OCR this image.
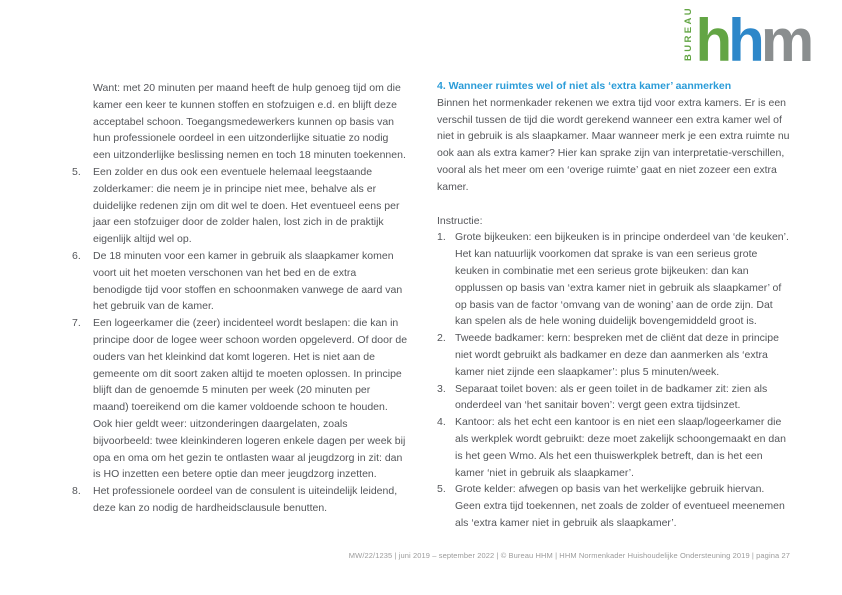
BUREAU h h m
Want: met 20 minuten per maand heeft de hulp genoeg tijd om die kamer een keer te kunnen stoffen en stofzuigen e.d. en blijft deze acceptabel schoon. Toegangsmedewerkers kunnen op basis van hun professionele oordeel in een uitzonderlijke situatie zo nodig een uitzonderlijke beslissing nemen en toch 18 minuten toekennen.
5.	Een zolder en dus ook een eventuele helemaal leegstaande zolderkamer: die neem je in principe niet mee, behalve als er duidelijke redenen zijn om dit wel te doen. Het eventueel eens per jaar een stofzuiger door de zolder halen, lost zich in de praktijk eigenlijk altijd wel op.
6.	De 18 minuten voor een kamer in gebruik als slaapkamer komen voort uit het moeten verschonen van het bed en de extra benodigde tijd voor stoffen en schoonmaken vanwege de aard van het gebruik van de kamer.
7.	Een logeerkamer die (zeer) incidenteel wordt beslapen: die kan in principe door de logee weer schoon worden opgeleverd. Of door de ouders van het kleinkind dat komt logeren. Het is niet aan de gemeente om dit soort zaken altijd te moeten oplossen. In principe blijft dan de genoemde 5 minuten per week (20 minuten per maand) toereikend om die kamer voldoende schoon te houden.
Ook hier geldt weer: uitzonderingen daargelaten, zoals bijvoorbeeld: twee kleinkinderen logeren enkele dagen per week bij opa en oma om het gezin te ontlasten waar al jeugdzorg in zit: dan is HO inzetten een betere optie dan meer jeugdzorg inzetten.
8.	Het professionele oordeel van de consulent is uiteindelijk leidend, deze kan zo nodig de hardheidsclausule benutten.
4. Wanneer ruimtes wel of niet als ‘extra kamer’ aanmerken
Binnen het normenkader rekenen we extra tijd voor extra kamers. Er is een verschil tussen de tijd die wordt gerekend wanneer een extra kamer wel of niet in gebruik is als slaapkamer. Maar wanneer merk je een extra ruimte nu ook aan als extra kamer? Hier kan sprake zijn van interpretatie-verschillen, vooral als het meer om een ‘overige ruimte’ gaat en niet zozeer een extra kamer.
Instructie:
1. Grote bijkeuken: een bijkeuken is in principe onderdeel van ‘de keuken’. Het kan natuurlijk voorkomen dat sprake is van een serieus grote keuken in combinatie met een serieus grote bijkeuken: dan kan opplussen op basis van ‘extra kamer niet in gebruik als slaapkamer’ of op basis van de factor ‘omvang van de woning’ aan de orde zijn. Dat kan spelen als de hele woning duidelijk bovengemiddeld groot is.
2. Tweede badkamer: kern: bespreken met de cliënt dat deze in principe niet wordt gebruikt als badkamer en deze dan aanmerken als ‘extra kamer niet zijnde een slaapkamer’: plus 5 minuten/week.
3. Separaat toilet boven: als er geen toilet in de badkamer zit: zien als onderdeel van ‘het sanitair boven’: vergt geen extra tijdsinzet.
4. Kantoor: als het echt een kantoor is en niet een slaap/logeerkamer die als werkplek wordt gebruikt: deze moet zakelijk schoongemaakt en dan is het geen Wmo. Als het een thuiswerkplek betreft, dan is het een kamer ‘niet in gebruik als slaapkamer’.
5. Grote kelder: afwegen op basis van het werkelijke gebruik hiervan. Geen extra tijd toekennen, net zoals de zolder of eventueel meenemen als ‘extra kamer niet in gebruik als slaapkamer’.
MW/22/1235 | juni 2019 – september 2022 | © Bureau HHM | HHM Normenkader Huishoudelijke Ondersteuning 2019 | pagina 27
